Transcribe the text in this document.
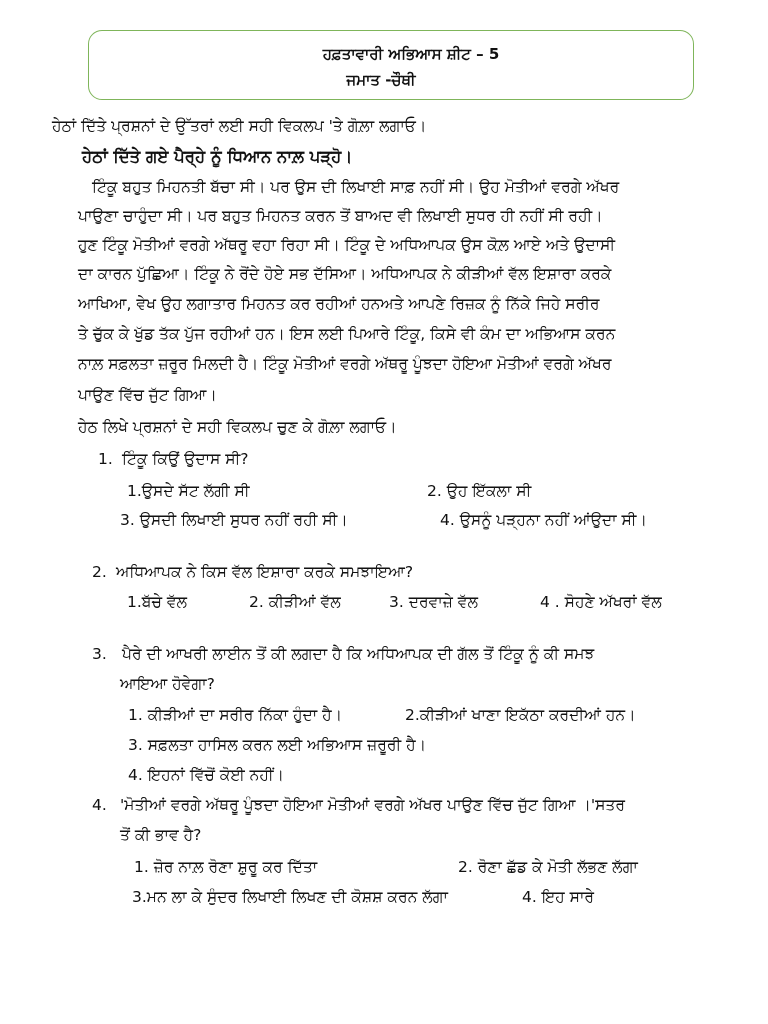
ਹਫ਼ਤਾਵਾਰੀ ਅਭਿਆਸ ਸ਼ੀਟ – 5
ਜਮਾਤ -ਚੌਥੀ
ਹੇਠਾਂ ਦਿੱਤੇ ਪ੍ਰਸ਼ਨਾਂ ਦੇ ਉੱਤਰਾਂ ਲਈ ਸਹੀ ਵਿਕਲਪ 'ਤੇ ਗੋਲ਼ਾ ਲਗਾਓ।
ਹੇਠਾਂ ਦਿੱਤੇ ਗਏ ਪੈਰ੍ਹੇ ਨੂੰ ਧਿਆਨ ਨਾਲ਼ ਪੜ੍ਹੋ।
ਟਿੰਕੂ ਬਹੁਤ ਮਿਹਨਤੀ ਬੱਚਾ ਸੀ। ਪਰ ਉਸ ਦੀ ਲਿਖਾਈ ਸਾਫ਼ ਨਹੀਂ ਸੀ। ਉਹ ਮੋਤੀਆਂ ਵਰਗੇ ਅੱਖਰ
ਪਾਉਣਾ ਚਾਹੁੰਦਾ ਸੀ। ਪਰ ਬਹੁਤ ਮਿਹਨਤ ਕਰਨ ਤੋਂ ਬਾਅਦ ਵੀ ਲਿਖਾਈ ਸੁਧਰ ਹੀ ਨਹੀਂ ਸੀ ਰਹੀ।
ਹੁਣ ਟਿੰਕੂ ਮੋਤੀਆਂ ਵਰਗੇ ਅੱਥਰੂ ਵਹਾ ਰਿਹਾ ਸੀ। ਟਿੰਕੂ ਦੇ ਅਧਿਆਪਕ ਉਸ ਕੋਲ਼ ਆਏ ਅਤੇ ਉਦਾਸੀ
ਦਾ ਕਾਰਨ ਪੁੱਛਿਆ। ਟਿੰਕੂ ਨੇ ਰੋਂਦੇ ਹੋਏ ਸਭ ਦੱਸਿਆ। ਅਧਿਆਪਕ ਨੇ ਕੀੜੀਆਂ ਵੱਲ ਇਸ਼ਾਰਾ ਕਰਕੇ
ਆਖਿਆ, ਵੇਖ ਉਹ ਲਗਾਤਾਰ ਮਿਹਨਤ ਕਰ ਰਹੀਆਂ ਹਨਅਤੇ ਆਪਣੇ ਰਿਜ਼ਕ ਨੂੰ ਨਿੱਕੇ ਜਿਹੇ ਸਰੀਰ
ਤੇ ਚੁੱਕ ਕੇ ਖੁੱਡ ਤੱਕ ਪੁੱਜ ਰਹੀਆਂ ਹਨ। ਇਸ ਲਈ ਪਿਆਰੇ ਟਿੰਕੂ, ਕਿਸੇ ਵੀ ਕੰਮ ਦਾ ਅਭਿਆਸ ਕਰਨ
ਨਾਲ਼ ਸਫ਼ਲਤਾ ਜ਼ਰੂਰ ਮਿਲਦੀ ਹੈ। ਟਿੰਕੂ ਮੋਤੀਆਂ ਵਰਗੇ ਅੱਥਰੂ ਪੂੰਝਦਾ ਹੋਇਆ ਮੋਤੀਆਂ ਵਰਗੇ ਅੱਖਰ
ਪਾਉਣ ਵਿੱਚ ਜੁੱਟ ਗਿਆ।
ਹੇਠ ਲਿਖੇ ਪ੍ਰਸ਼ਨਾਂ ਦੇ ਸਹੀ ਵਿਕਲਪ ਚੁਣ ਕੇ ਗੋਲ਼ਾ ਲਗਾਓ।
1. ਟਿੰਕੂ ਕਿਉਂ ਉਦਾਸ ਸੀ?
1.ਉਸਦੇ ਸੱਟ ਲੱਗੀ ਸੀ	2. ਉਹ ਇੱਕਲਾ ਸੀ
3. ਉਸਦੀ ਲਿਖਾਈ ਸੁਧਰ ਨਹੀਂ ਰਹੀ ਸੀ।	4. ਉਸਨੂੰ ਪੜ੍ਹਨਾ ਨਹੀਂ ਆਂਉਦਾ ਸੀ।
2. ਅਧਿਆਪਕ ਨੇ ਕਿਸ ਵੱਲ ਇਸ਼ਾਰਾ ਕਰਕੇ ਸਮਝਾਇਆ?
1.ਬੱਚੇ ਵੱਲ	2. ਕੀੜੀਆਂ ਵੱਲ	3. ਦਰਵਾਜ਼ੇ ਵੱਲ	4 . ਸੋਹਣੇ ਅੱਖਰਾਂ ਵੱਲ
3. ਪੈਰੇ ਦੀ ਆਖਰੀ ਲਾਈਨ ਤੋਂ ਕੀ ਲਗਦਾ ਹੈ ਕਿ ਅਧਿਆਪਕ ਦੀ ਗੱਲ ਤੋਂ ਟਿੰਕੂ ਨੂੰ ਕੀ ਸਮਝ
ਆਇਆ ਹੋਵੇਗਾ?
1. ਕੀੜੀਆਂ ਦਾ ਸਰੀਰ ਨਿੱਕਾ ਹੁੰਦਾ ਹੈ।	2.ਕੀੜੀਆਂ ਖਾਣਾ ਇਕੱਠਾ ਕਰਦੀਆਂ ਹਨ।
3. ਸਫ਼ਲਤਾ ਹਾਸਿਲ ਕਰਨ ਲਈ ਅਭਿਆਸ ਜ਼ਰੂਰੀ ਹੈ।
4. ਇਹਨਾਂ ਵਿੱਚੋਂ ਕੋਈ ਨਹੀਂ।
4. 'ਮੋਤੀਆਂ ਵਰਗੇ ਅੱਥਰੂ ਪੂੰਝਦਾ ਹੋਇਆ ਮੋਤੀਆਂ ਵਰਗੇ ਅੱਖਰ ਪਾਉਣ ਵਿੱਚ ਜੁੱਟ ਗਿਆ ।'ਸਤਰ
ਤੋਂ ਕੀ ਭਾਵ ਹੈ?
1. ਜ਼ੋਰ ਨਾਲ਼ ਰੋਣਾ ਸ਼ੁਰੂ ਕਰ ਦਿੱਤਾ	2. ਰੋਣਾ ਛੱਡ ਕੇ ਮੋਤੀ ਲੱਭਣ ਲੱਗਾ
3.ਮਨ ਲਾ ਕੇ ਸੁੰਦਰ ਲਿਖਾਈ ਲਿਖਣ ਦੀ ਕੋਸ਼ਸ਼ ਕਰਨ ਲੱਗਾ	4. ਇਹ ਸਾਰੇ
